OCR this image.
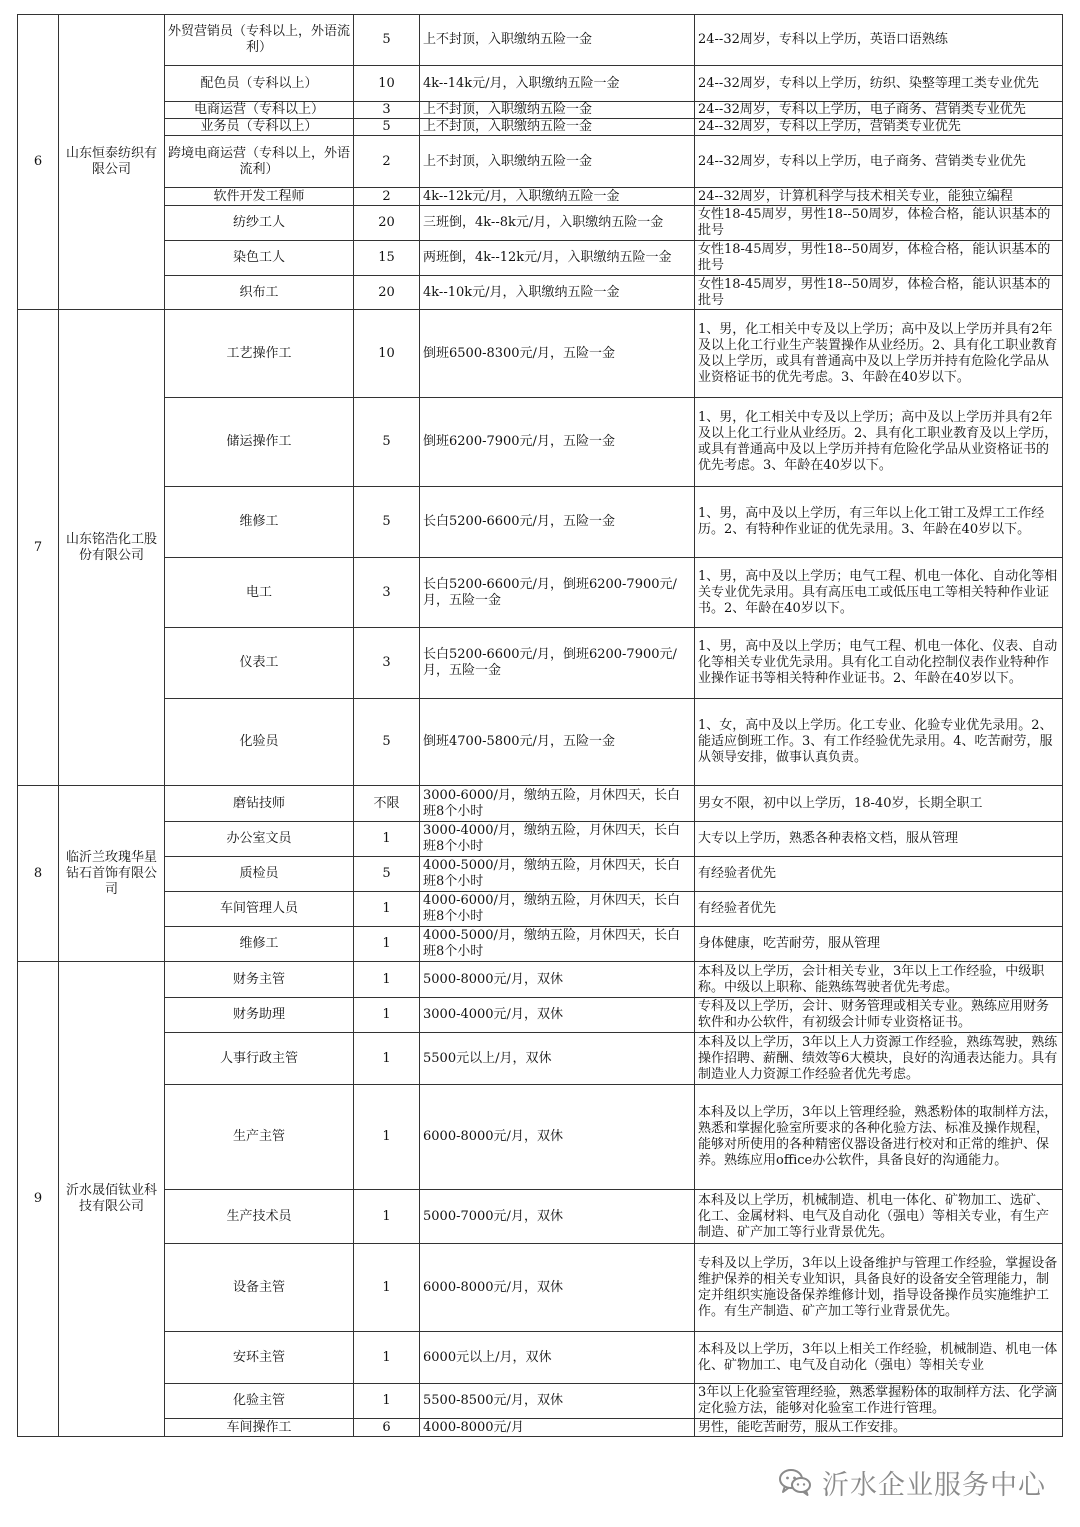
6	山东恒泰纺织有限公司	外贸营销员（专科以上，外语流利）	5	上不封顶，入职缴纳五险一金	24--32周岁，专科以上学历，英语口语熟练
		配色员（专科以上）	10	4k--14k元/月，入职缴纳五险一金	24--32周岁，专科以上学历，纺织、染整等理工类专业优先
		电商运营（专科以上）	3	上不封顶，入职缴纳五险一金	24--32周岁，专科以上学历，电子商务、营销类专业优先
		业务员（专科以上）	5	上不封顶，入职缴纳五险一金	24--32周岁，专科以上学历，营销类专业优先
		跨境电商运营（专科以上，外语流利）	2	上不封顶，入职缴纳五险一金	24--32周岁，专科以上学历，电子商务、营销类专业优先
		软件开发工程师	2	4k--12k元/月，入职缴纳五险一金	24--32周岁，计算机科学与技术相关专业，能独立编程
		纺纱工人	20	三班倒，4k--8k元/月，入职缴纳五险一金	女性18-45周岁，男性18--50周岁，体检合格，能认识基本的批号
		染色工人	15	两班倒，4k--12k元/月，入职缴纳五险一金	女性18-45周岁，男性18--50周岁，体检合格，能认识基本的批号
		织布工	20	4k--10k元/月，入职缴纳五险一金	女性18-45周岁，男性18--50周岁，体检合格，能认识基本的批号
7	山东铭浩化工股份有限公司	工艺操作工	10	倒班6500-8300元/月，五险一金	1、男，化工相关中专及以上学历；高中及以上学历并具有2年及以上化工行业生产装置操作从业经历。2、具有化工职业教育及以上学历，或具有普通高中及以上学历并持有危险化学品从业资格证书的优先考虑。3、年龄在40岁以下。
		储运操作工	5	倒班6200-7900元/月，五险一金	1、男，化工相关中专及以上学历；高中及以上学历并具有2年及以上化工行业从业经历。2、具有化工职业教育及以上学历，或具有普通高中及以上学历并持有危险化学品从业资格证书的优先考虑。3、年龄在40岁以下。
		维修工	5	长白5200-6600元/月，五险一金	1、男，高中及以上学历，有三年以上化工钳工及焊工工作经历。2、有特种作业证的优先录用。3、年龄在40岁以下。
		电工	3	长白5200-6600元/月，倒班6200-7900元/月，五险一金	1、男，高中及以上学历；电气工程、机电一体化、自动化等相关专业优先录用。具有高压电工或低压电工等相关特种作业证书。2、年龄在40岁以下。
		仪表工	3	长白5200-6600元/月，倒班6200-7900元/月，五险一金	1、男，高中及以上学历；电气工程、机电一体化、仪表、自动化等相关专业优先录用。具有化工自动化控制仪表作业特种作业操作证书等相关特种作业证书。2、年龄在40岁以下。
		化验员	5	倒班4700-5800元/月，五险一金	1、女，高中及以上学历。化工专业、化验专业优先录用。2、能适应倒班工作。3、有工作经验优先录用。4、吃苦耐劳，服从领导安排，做事认真负责。
8	临沂兰玫瑰华星钻石首饰有限公司	磨钻技师	不限	3000-6000/月，缴纳五险，月休四天，长白班8个小时	男女不限，初中以上学历，18-40岁，长期全职工
		办公室文员	1	3000-4000/月，缴纳五险，月休四天，长白班8个小时	大专以上学历，熟悉各种表格文档，服从管理
		质检员	5	4000-5000/月，缴纳五险，月休四天，长白班8个小时	有经验者优先
		车间管理人员	1	4000-6000/月，缴纳五险，月休四天，长白班8个小时	有经验者优先
		维修工	1	4000-5000/月，缴纳五险，月休四天，长白班8个小时	身体健康，吃苦耐劳，服从管理
9	沂水晟佰钛业科技有限公司	财务主管	1	5000-8000元/月，双休	本科及以上学历，会计相关专业，3年以上工作经验，中级职称。中级以上职称、能熟练驾驶者优先考虑。
		财务助理	1	3000-4000元/月，双休	专科及以上学历，会计、财务管理或相关专业。熟练应用财务软件和办公软件，有初级会计师专业资格证书。
		人事行政主管	1	5500元以上/月，双休	本科及以上学历，3年以上人力资源工作经验，熟练驾驶，熟练操作招聘、薪酬、绩效等6大模块，良好的沟通表达能力。具有制造业人力资源工作经验者优先考虑。
		生产主管	1	6000-8000元/月，双休	本科及以上学历，3年以上管理经验，熟悉粉体的取制样方法，熟悉和掌握化验室所要求的各种化验方法、标准及操作规程，能够对所使用的各种精密仪器设备进行校对和正常的维护、保养。熟练应用office办公软件，具备良好的沟通能力。
		生产技术员	1	5000-7000元/月，双休	本科及以上学历，机械制造、机电一体化、矿物加工、选矿、化工、金属材料、电气及自动化（强电）等相关专业，有生产制造、矿产加工等行业背景优先。
		设备主管	1	6000-8000元/月，双休	专科及以上学历，3年以上设备维护与管理工作经验，掌握设备维护保养的相关专业知识，具备良好的设备安全管理能力，制定并组织实施设备保养维修计划，指导设备操作员实施维护工作。有生产制造、矿产加工等行业背景优先。
		安环主管	1	6000元以上/月，双休	本科及以上学历，3年以上相关工作经验，机械制造、机电一体化、矿物加工、电气及自动化（强电）等相关专业
		化验主管	1	5500-8500元/月，双休	3年以上化验室管理经验，熟悉掌握粉体的取制样方法、化学滴定化验方法，能够对化验室工作进行管理。
		车间操作工	6	4000-8000元/月	男性，能吃苦耐劳，服从工作安排。
沂水企业服务中心
